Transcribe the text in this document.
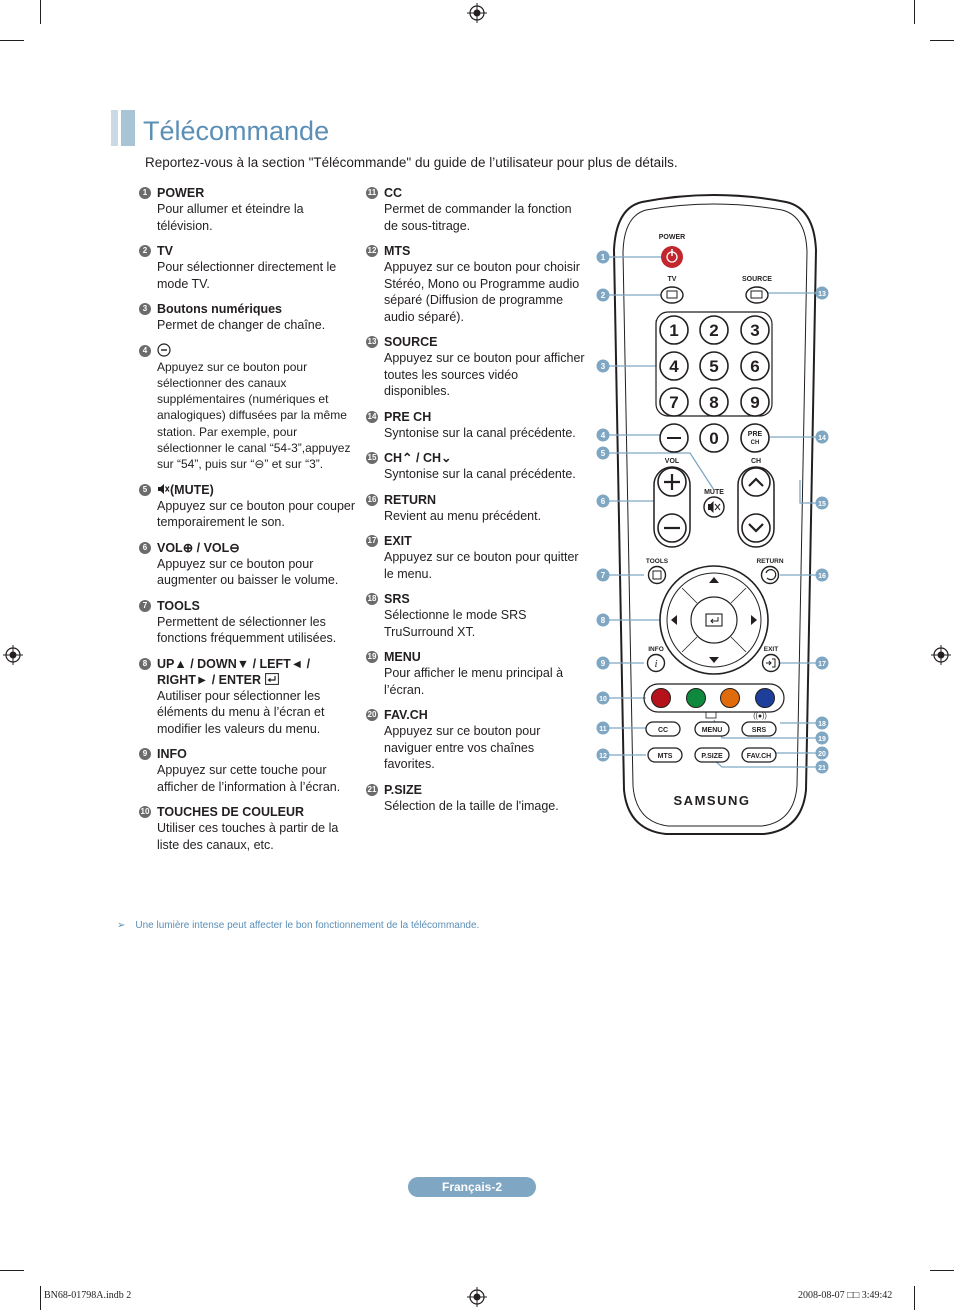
Télécommande

Reportez-vous à la section "Télécommande" du guide de l’utilisateur pour plus de détails.

1 POWER
Pour allumer et éteindre la télévision.
2 TV
Pour sélectionner directement le mode TV.
3 Boutons numériques
Permet de changer de chaîne.
4
Appuyez sur ce bouton pour sélectionner des canaux supplémentaires (numériques et analogiques) diffusées par la même station. Par exemple, pour sélectionner le canal “54-3”,appuyez sur “54”, puis sur “⊖” et sur “3”.
5	(MUTE)
Appuyez sur ce bouton pour couper temporairement le son.
6 VOL⊕ / VOL⊖
Appuyez sur ce bouton pour augmenter ou baisser le volume.
7 TOOLS
Permettent de sélectionner les fonctions fréquemment utilisées.
8 UP▲ / DOWN▼ / LEFT◄ / RIGHT► / ENTER
Autiliser pour sélectionner les éléments du menu à l’écran et modifier les valeurs du menu.
9 INFO
Appuyez sur cette touche pour afficher de l’information à l’écran.
10 TOUCHES DE COULEUR
Utiliser ces touches à partir de la liste des canaux, etc.
11 CC
Permet de commander la fonction de sous-titrage.
12 MTS
Appuyez sur ce bouton pour choisir Stéréo, Mono ou Programme audio séparé (Diffusion de programme audio séparé).
13 SOURCE
Appuyez sur ce bouton pour afficher toutes les sources vidéo disponibles.
14 PRE CH
Syntonise sur la canal précédente.
15 CH⌃ / CH⌄
Syntonise sur la canal précédente.
16 RETURN
Revient au menu précédent.
17 EXIT
Appuyez sur ce bouton pour quitter le menu.
18 SRS
Sélectionne le mode SRS TruSurround XT.
19 MENU
Pour afficher le menu principal à l’écran.
20 FAV.CH
Appuyez sur ce bouton pour naviguer entre vos chaînes favorites.
21 P.SIZE
Sélection de la taille de l'image.
POWER
TV	SOURCE
1 2 3
4 5 6
7 8 9
0	PRE
CH
VOL
MUTE
CH
TOOLS	RETURN
INFO
i
EXIT
((●))
CC	MENU	SRS
MTS	P.SIZE	FAV.CH
SAMSUNG
1
2
3
4
5
6
7
8
9
10
11
12
13
14
15
16
17
18
19
20
21
➢ Une lumière intense peut affecter le bon fonctionnement de la télécommande.
Français-2
BN68-01798A.indb 2	2008-08-07 □□ 3:49:42
